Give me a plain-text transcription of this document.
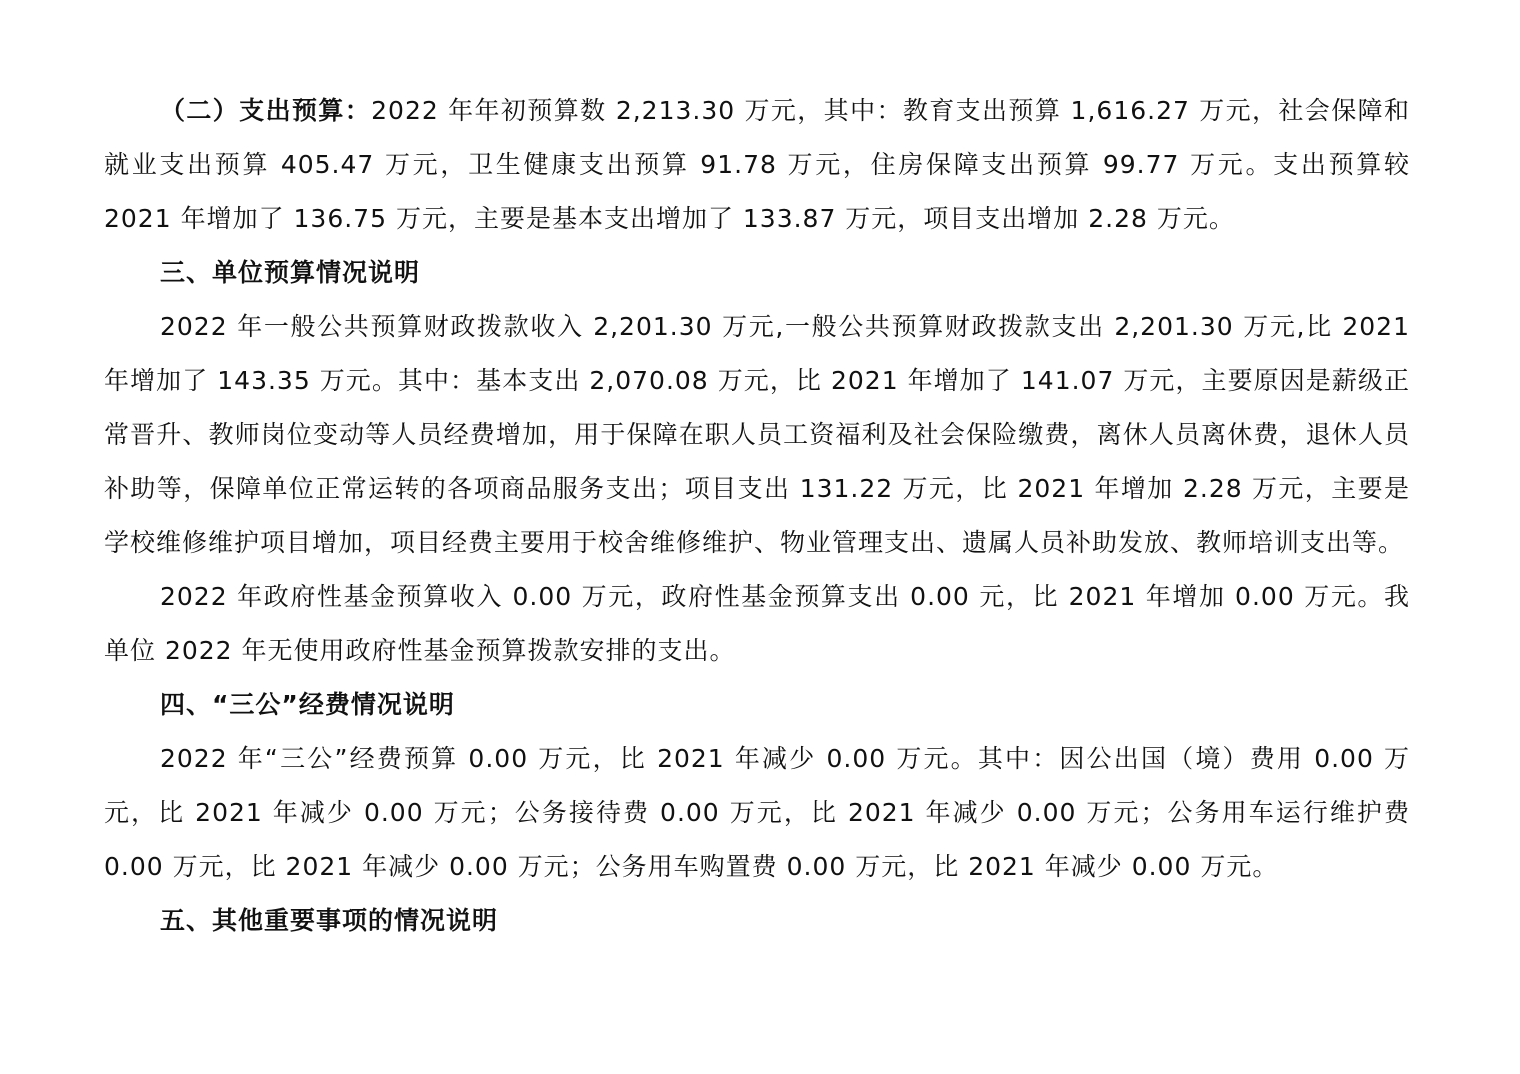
（二）支出预算：2022 年年初预算数 2,213.30 万元，其中：教育支出预算 1,616.27 万元，社会保障和就业支出预算 405.47 万元，卫生健康支出预算 91.78 万元，住房保障支出预算 99.77 万元。支出预算较 2021 年增加了 136.75 万元，主要是基本支出增加了 133.87 万元，项目支出增加 2.28 万元。

三、单位预算情况说明

2022 年一般公共预算财政拨款收入 2,201.30 万元,一般公共预算财政拨款支出 2,201.30 万元,比 2021 年增加了 143.35 万元。其中：基本支出 2,070.08 万元，比 2021 年增加了 141.07 万元，主要原因是薪级正常晋升、教师岗位变动等人员经费增加，用于保障在职人员工资福利及社会保险缴费，离休人员离休费，退休人员补助等，保障单位正常运转的各项商品服务支出；项目支出 131.22 万元，比 2021 年增加 2.28 万元，主要是学校维修维护项目增加，项目经费主要用于校舍维修维护、物业管理支出、遗属人员补助发放、教师培训支出等。

2022 年政府性基金预算收入 0.00 万元，政府性基金预算支出 0.00 元，比 2021 年增加 0.00 万元。我单位 2022 年无使用政府性基金预算拨款安排的支出。

四、“三公”经费情况说明

2022 年“三公”经费预算 0.00 万元，比 2021 年减少 0.00 万元。其中：因公出国（境）费用 0.00 万元，比 2021 年减少 0.00 万元；公务接待费 0.00 万元，比 2021 年减少 0.00 万元；公务用车运行维护费 0.00 万元，比 2021 年减少 0.00 万元；公务用车购置费 0.00 万元，比 2021 年减少 0.00 万元。

五、其他重要事项的情况说明
